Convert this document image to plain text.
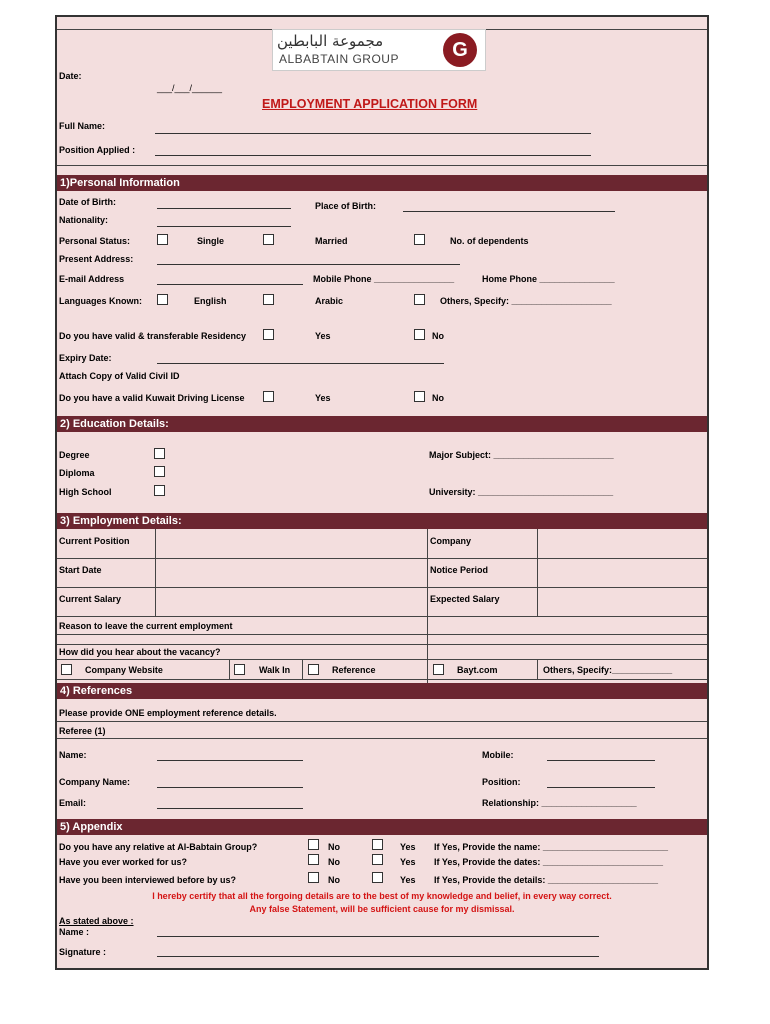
مجموعة البابطين
ALBABTAIN GROUP	G
Date:
___/___/______
EMPLOYMENT APPLICATION FORM
Full Name:
Position Applied :
1)Personal Information
Date of Birth:	Place of Birth:
Nationality:
Personal Status:	Single	Married	No. of dependents
Present Address:
E-mail Address	Mobile Phone ________________	Home Phone _______________
Languages Known:	English	Arabic	Others, Specify: ____________________
Do you have valid & transferable Residency	Yes	No
Expiry Date:
Attach Copy of Valid Civil ID
Do you have a valid Kuwait Driving License	Yes	No
2) Education Details:
Degree	Major Subject: ________________________
Diploma
High School	University: ___________________________
3) Employment Details:
Current Position	Company
Start Date	Notice Period
Current Salary	Expected Salary
Reason to leave the current employment
How did you hear about the vacancy?
Company Website	Walk In	Reference	Bayt.com	Others, Specify:____________
4) References
Please provide ONE employment reference details.
Referee (1)
Name:	Mobile:
Company Name:	Position:
Email:	Relationship: ___________________
5) Appendix
Do you have any relative at Al-Babtain Group?	No	Yes If Yes, Provide the name: _________________________
Have you ever worked for us?	No	Yes If Yes, Provide the dates: ________________________
Have you been interviewed before by us?	No	Yes If Yes, Provide the details: ______________________
I hereby certify that all the forgoing details are to the best of my knowledge and belief, in every way correct.
Any false Statement, will be sufficient cause for my dismissal.
As stated above :
Name :
Signature :
